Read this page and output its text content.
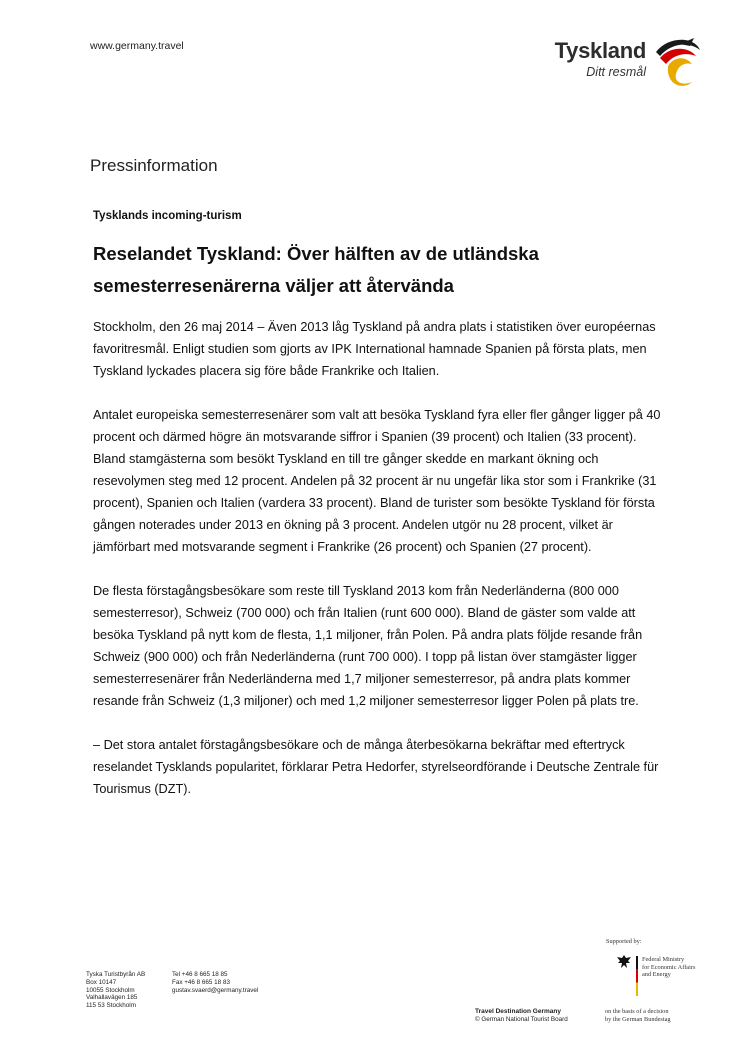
www.germany.travel	Tyskland
Ditt resmål
Pressinformation
Tysklands incoming-turism
Reselandet Tyskland: Över hälften av de utländska semesterresenärerna väljer att återvända

Stockholm, den 26 maj 2014 – Även 2013 låg Tyskland på andra plats i statistiken över européernas favoritresmål. Enligt studien som gjorts av IPK International hamnade Spanien på första plats, men Tyskland lyckades placera sig före både Frankrike och Italien.

Antalet europeiska semesterresenärer som valt att besöka Tyskland fyra eller fler gånger ligger på 40 procent och därmed högre än motsvarande siffror i Spanien (39 procent) och Italien (33 procent). Bland stamgästerna som besökt Tyskland en till tre gånger skedde en markant ökning och resevolymen steg med 12 procent. Andelen på 32 procent är nu ungefär lika stor som i Frankrike (31 procent), Spanien och Italien (vardera 33 procent). Bland de turister som besökte Tyskland för första gången noterades under 2013 en ökning på 3 procent. Andelen utgör nu 28 procent, vilket är jämförbart med motsvarande segment i Frankrike (26 procent) och Spanien (27 procent).

De flesta förstagångsbesökare som reste till Tyskland 2013 kom från Nederländerna (800 000 semesterresor), Schweiz (700 000) och från Italien (runt 600 000). Bland de gäster som valde att besöka Tyskland på nytt kom de flesta, 1,1 miljoner, från Polen. På andra plats följde resande från Schweiz (900 000) och från Nederländerna (runt 700 000). I topp på listan över stamgäster ligger semesterresenärer från Nederländerna med 1,7 miljoner semesterresor, på andra plats kommer resande från Schweiz (1,3 miljoner) och med 1,2 miljoner semesterresor ligger Polen på plats tre.

– Det stora antalet förstagångsbesökare och de många återbesökarna bekräftar med eftertryck reselandet Tysklands popularitet, förklarar Petra Hedorfer, styrelseordförande i Deutsche Zentrale für Tourismus (DZT).

Tyska Turistbyrån AB
Box 10147
10055 Stockholm
Valhallavägen 185
115 53 Stockholm
Tel +46 8 665 18 85
Fax +46 8 665 18 83
gustav.svaerd@germany.travel
Travel Destination Germany
© German National Tourist Board
Supported by:
Federal Ministry
for Economic Affairs
and Energy
on the basis of a decision
by the German Bundestag
